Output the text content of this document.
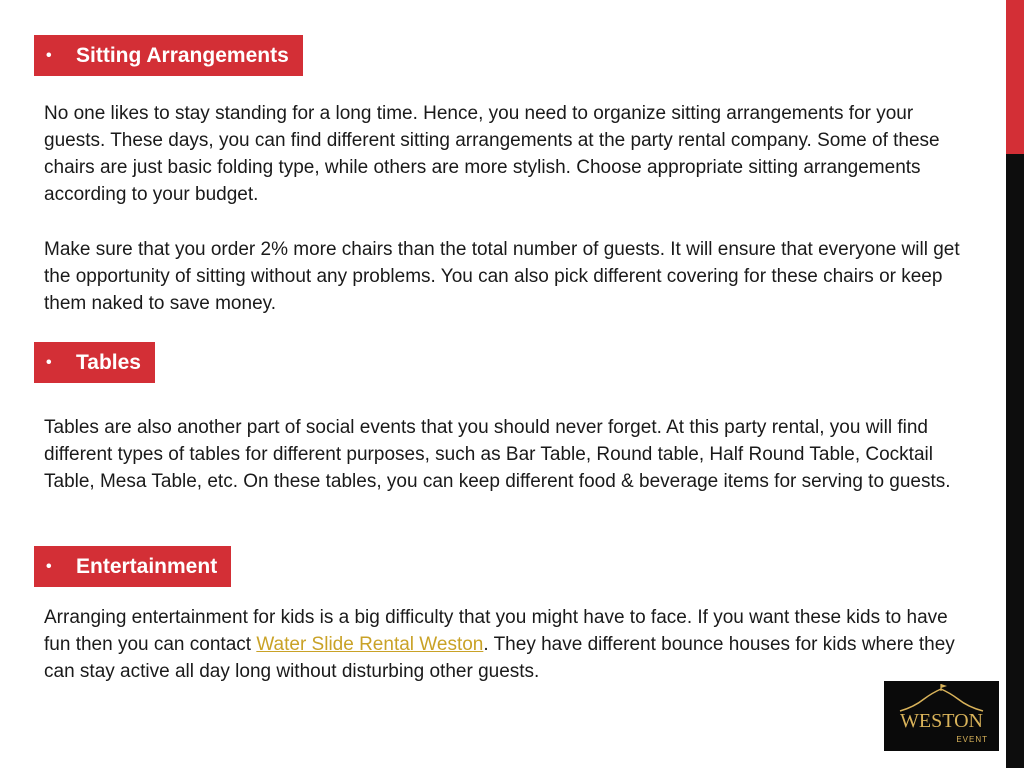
•	Sitting Arrangements

No one likes to stay standing for a long time. Hence, you need to organize sitting arrangements for your guests. These days, you can find different sitting arrangements at the party rental company. Some of these chairs are just basic folding type, while others are more stylish. Choose appropriate sitting arrangements according to your budget.

Make sure that you order 2% more chairs than the total number of guests. It will ensure that everyone will get the opportunity of sitting without any problems. You can also pick different covering for these chairs or keep them naked to save money.

•	Tables

Tables are also another part of social events that you should never forget. At this party rental, you will find different types of tables for different purposes, such as Bar Table, Round table, Half Round Table, Cocktail Table, Mesa Table, etc. On these tables, you can keep different food & beverage items for serving to guests.

•	Entertainment

Arranging entertainment for kids is a big difficulty that you might have to face. If you want these kids to have fun then you can contact Water Slide Rental Weston. They have different bounce houses for kids where they can stay active all day long without disturbing other guests.

WESTON
EVENT
